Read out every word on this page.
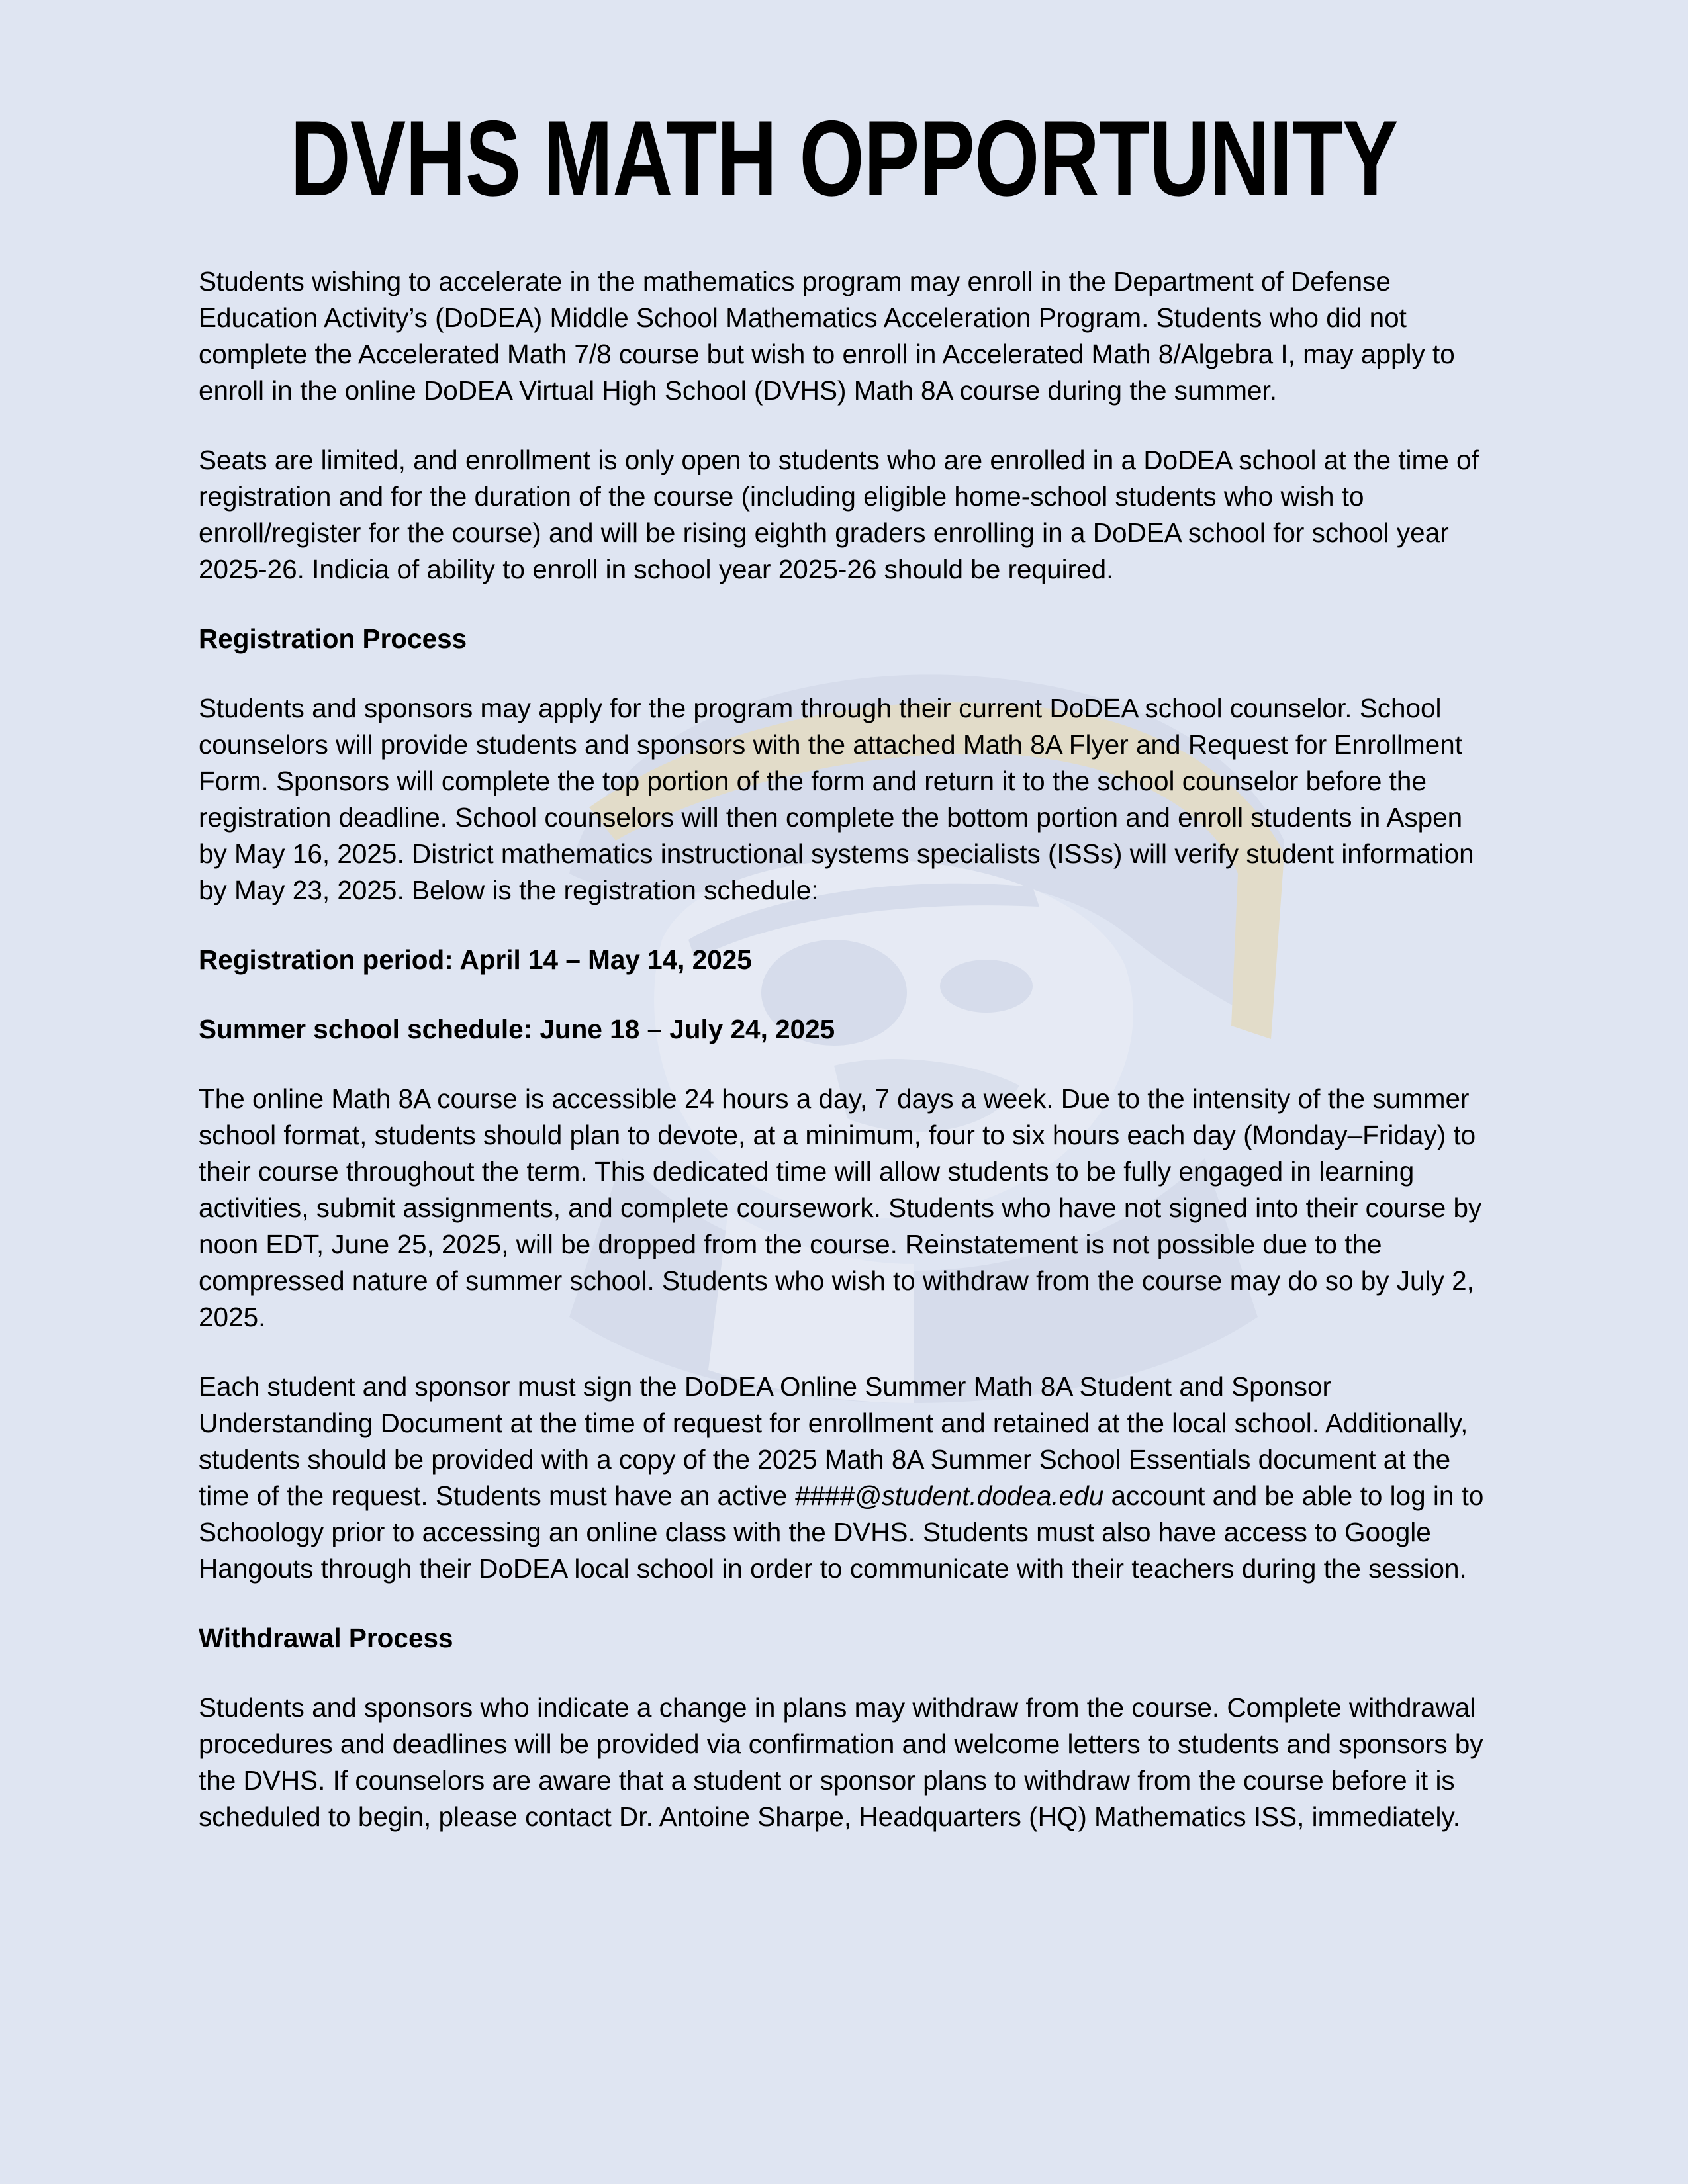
DVHS MATH OPPORTUNITY

Students wishing to accelerate in the mathematics program may enroll in the Department of Defense Education Activity’s (DoDEA) Middle School Mathematics Acceleration Program. Students who did not complete the Accelerated Math 7/8 course but wish to enroll in Accelerated Math 8/Algebra I, may apply to enroll in the online DoDEA Virtual High School (DVHS) Math 8A course during the summer.

Seats are limited, and enrollment is only open to students who are enrolled in a DoDEA school at the time of registration and for the duration of the course (including eligible home-school students who wish to enroll/register for the course) and will be rising eighth graders enrolling in a DoDEA school for school year 2025-26. Indicia of ability to enroll in school year 2025-26 should be required.

Registration Process

Students and sponsors may apply for the program through their current DoDEA school counselor. School counselors will provide students and sponsors with the attached Math 8A Flyer and Request for Enrollment Form. Sponsors will complete the top portion of the form and return it to the school counselor before the registration deadline. School counselors will then complete the bottom portion and enroll students in Aspen by May 16, 2025. District mathematics instructional systems specialists (ISSs) will verify student information by May 23, 2025. Below is the registration schedule:

Registration period: April 14 – May 14, 2025

Summer school schedule: June 18 – July 24, 2025

The online Math 8A course is accessible 24 hours a day, 7 days a week. Due to the intensity of the summer school format, students should plan to devote, at a minimum, four to six hours each day (Monday–Friday) to their course throughout the term. This dedicated time will allow students to be fully engaged in learning activities, submit assignments, and complete coursework. Students who have not signed into their course by noon EDT, June 25, 2025, will be dropped from the course. Reinstatement is not possible due to the compressed nature of summer school. Students who wish to withdraw from the course may do so by July 2, 2025.

Each student and sponsor must sign the DoDEA Online Summer Math 8A Student and Sponsor Understanding Document at the time of request for enrollment and retained at the local school. Additionally, students should be provided with a copy of the 2025 Math 8A Summer School Essentials document at the time of the request. Students must have an active ####@student.dodea.edu account and be able to log in to Schoology prior to accessing an online class with the DVHS. Students must also have access to Google Hangouts through their DoDEA local school in order to communicate with their teachers during the session.

Withdrawal Process

Students and sponsors who indicate a change in plans may withdraw from the course. Complete withdrawal procedures and deadlines will be provided via confirmation and welcome letters to students and sponsors by the DVHS. If counselors are aware that a student or sponsor plans to withdraw from the course before it is scheduled to begin, please contact Dr. Antoine Sharpe, Headquarters (HQ) Mathematics ISS, immediately.
